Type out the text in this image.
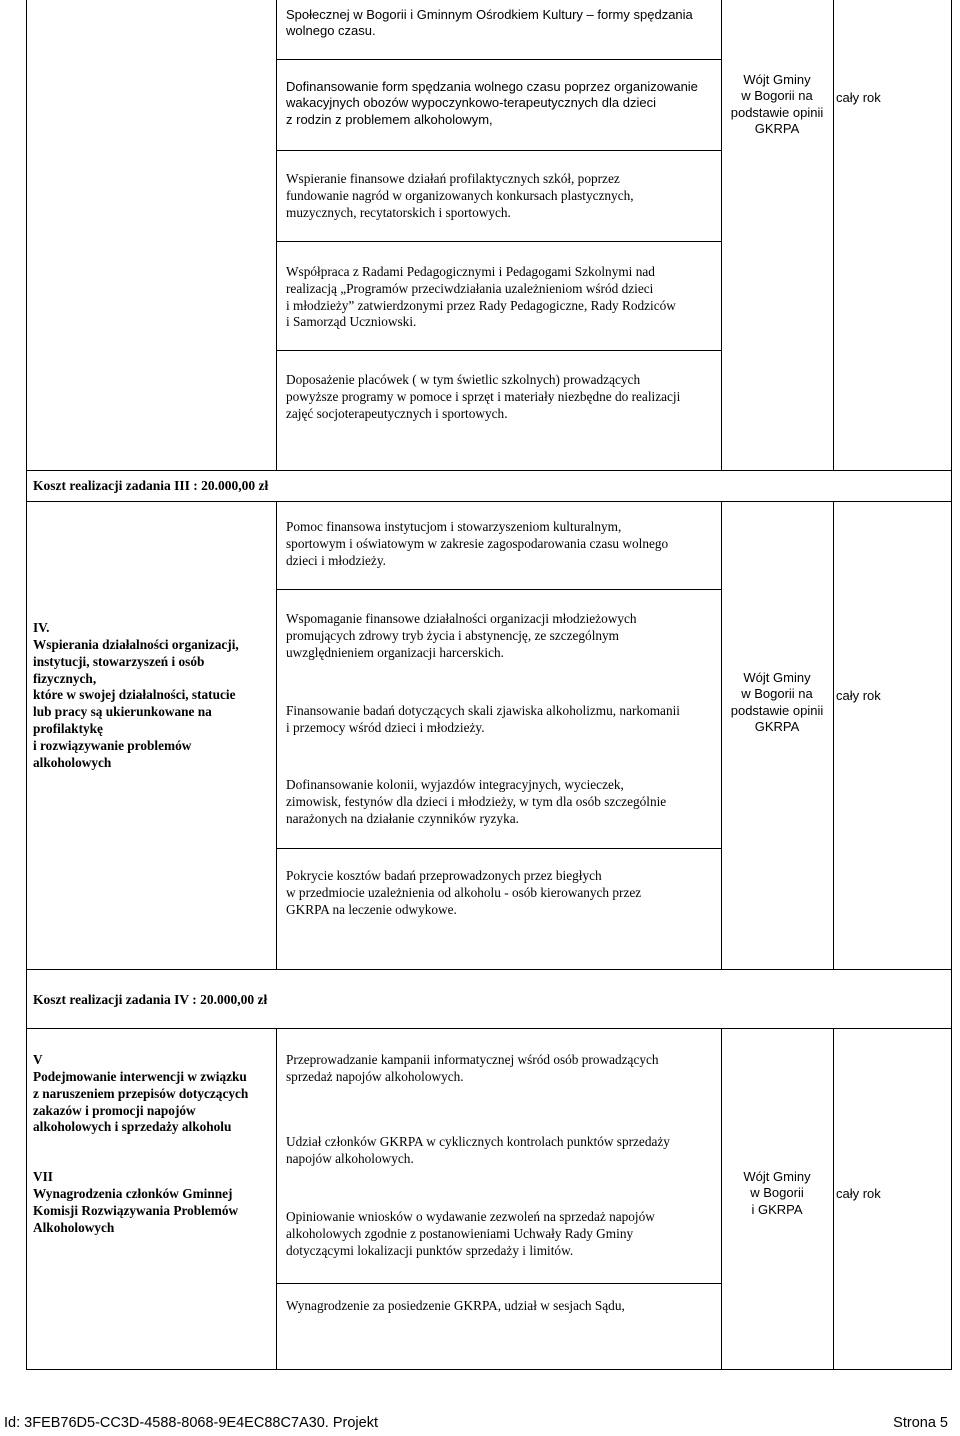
Społecznej w Bogorii i Gminnym Ośrodkiem Kultury – formy spędzania
wolnego czasu.

Dofinansowanie form spędzania wolnego czasu poprzez organizowanie
wakacyjnych obozów wypoczynkowo-terapeutycznych dla dzieci
z rodzin z problemem alkoholowym,

Wspieranie finansowe działań profilaktycznych szkół, poprzez
fundowanie nagród w organizowanych konkursach plastycznych,
muzycznych, recytatorskich i sportowych.

Współpraca z Radami Pedagogicznymi i Pedagogami Szkolnymi nad
realizacją „Programów przeciwdziałania uzależnieniom wśród dzieci
i młodzieży” zatwierdzonymi przez Rady Pedagogiczne, Rady Rodziców
i Samorząd Uczniowski.

Doposażenie placówek ( w tym świetlic szkolnych) prowadzących
powyższe programy w pomoce i sprzęt i materiały niezbędne do realizacji
zajęć socjoterapeutycznych i sportowych.

Wójt Gminy
w Bogorii na
podstawie opinii
GKRPA

cały rok

Koszt realizacji zadania III : 20.000,00 zł

Pomoc finansowa instytucjom i stowarzyszeniom kulturalnym,
sportowym i oświatowym w zakresie zagospodarowania czasu wolnego
dzieci i młodzieży.

IV.

Wspierania działalności organizacji,
instytucji, stowarzyszeń i osób
fizycznych,
które w swojej działalności, statucie
lub pracy są ukierunkowane na
profilaktykę
i rozwiązywanie problemów
alkoholowych

Wspomaganie finansowe działalności organizacji młodzieżowych
promujących zdrowy tryb życia i abstynencję, ze szczególnym
uwzględnieniem organizacji harcerskich.

Finansowanie badań dotyczących skali zjawiska alkoholizmu, narkomanii
i przemocy wśród dzieci i młodzieży.

Dofinansowanie kolonii, wyjazdów integracyjnych, wycieczek,
zimowisk, festynów dla dzieci i młodzieży, w tym dla osób szczególnie
narażonych na działanie czynników ryzyka.

Pokrycie kosztów badań przeprowadzonych przez biegłych
w przedmiocie uzależnienia od alkoholu - osób kierowanych przez
GKRPA na leczenie odwykowe.

Wójt Gminy
w Bogorii na
podstawie opinii
GKRPA

cały rok

Koszt realizacji zadania IV : 20.000,00 zł

V

Podejmowanie interwencji w związku
z naruszeniem przepisów dotyczących
zakazów i promocji napojów
alkoholowych i sprzedaży alkoholu

Przeprowadzanie kampanii informatycznej wśród osób prowadzących
sprzedaż napojów alkoholowych.

Udział członków GKRPA w cyklicznych kontrolach punktów sprzedaży
napojów alkoholowych.

Opiniowanie wniosków o wydawanie zezwoleń na sprzedaż napojów
alkoholowych zgodnie z postanowieniami Uchwały Rady Gminy
dotyczącymi lokalizacji punktów sprzedaży i limitów.

Wójt Gminy
w Bogorii
i GKRPA

cały rok

VII

Wynagrodzenia członków Gminnej
Komisji Rozwiązywania Problemów
Alkoholowych

Wynagrodzenie za posiedzenie GKRPA, udział w sesjach Sądu,

Id: 3FEB76D5-CC3D-4588-8068-9E4EC88C7A30. Projekt	Strona 5
